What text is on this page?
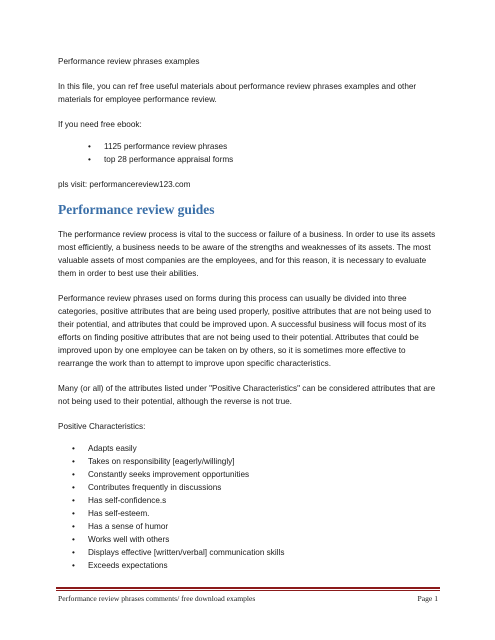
Performance review phrases examples

In this file, you can ref free useful materials about performance review phrases examples and other materials for employee performance review.

If you need free ebook:

• 1125 performance review phrases
• top 28 performance appraisal forms

pls visit: performancereview123.com

Performance review guides

The performance review process is vital to the success or failure of a business. In order to use its assets most efficiently, a business needs to be aware of the strengths and weaknesses of its assets. The most valuable assets of most companies are the employees, and for this reason, it is necessary to evaluate them in order to best use their abilities.

Performance review phrases used on forms during this process can usually be divided into three categories, positive attributes that are being used properly, positive attributes that are not being used to their potential, and attributes that could be improved upon. A successful business will focus most of its efforts on finding positive attributes that are not being used to their potential. Attributes that could be improved upon by one employee can be taken on by others, so it is sometimes more effective to rearrange the work than to attempt to improve upon specific characteristics.

Many (or all) of the attributes listed under "Positive Characteristics" can be considered attributes that are not being used to their potential, although the reverse is not true.

Positive Characteristics:

• Adapts easily
• Takes on responsibility [eagerly/willingly]
• Constantly seeks improvement opportunities
• Contributes frequently in discussions
• Has self-confidence.s
• Has self-esteem.
• Has a sense of humor
• Works well with others
• Displays effective [written/verbal] communication skills
• Exceeds expectations
Performance review phrases comments/ free download examples	Page 1
